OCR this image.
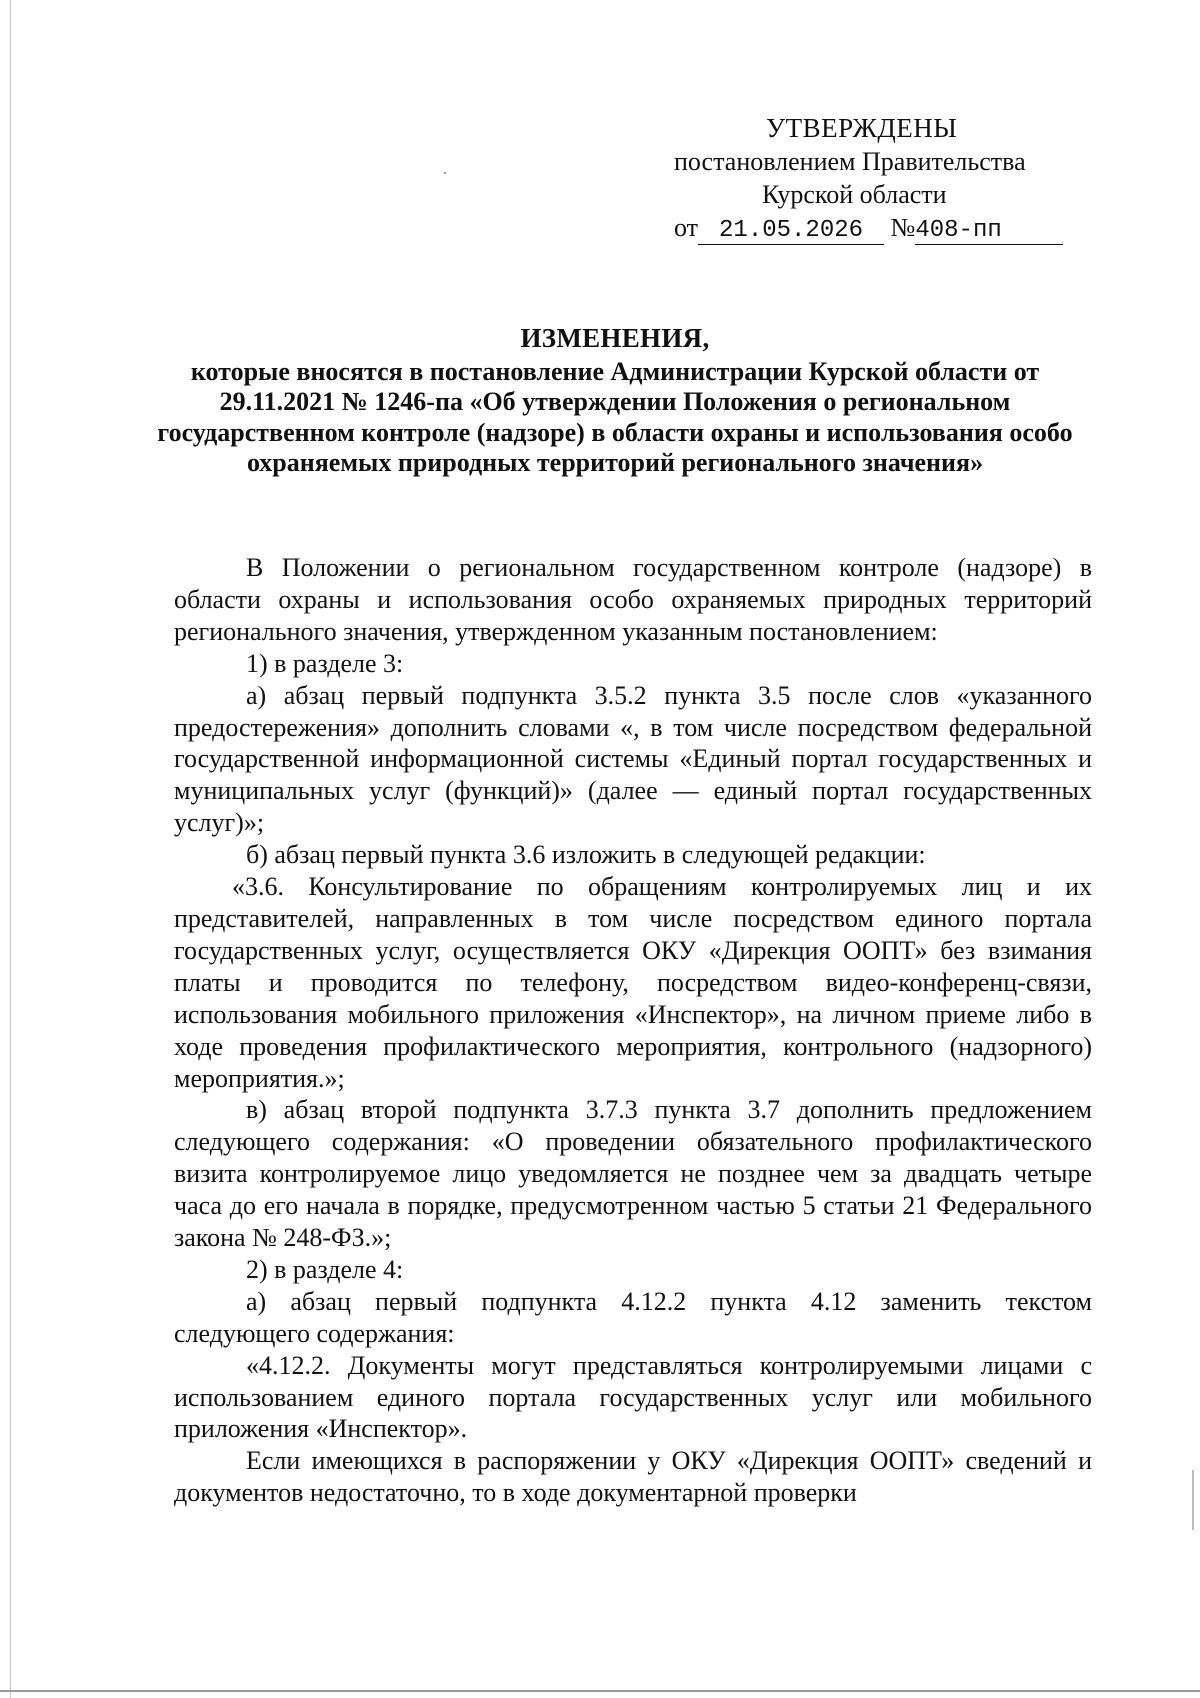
УТВЕРЖДЕНЫ
постановлением Правительства
Курской области
от 21.05.2026 №408-пп
ИЗМЕНЕНИЯ,
которые вносятся в постановление Администрации Курской области от 29.11.2021 № 1246-па «Об утверждении Положения о региональном государственном контроле (надзоре) в области охраны и использования особо охраняемых природных территорий регионального значения»

В Положении о региональном государственном контроле (надзоре) в области охраны и использования особо охраняемых природных территорий регионального значения, утвержденном указанным постановлением:

1) в разделе 3:

а) абзац первый подпункта 3.5.2 пункта 3.5 после слов «указанного предостережения» дополнить словами «, в том числе посредством федеральной государственной информационной системы «Единый портал государственных и муниципальных услуг (функций)» (далее — единый портал государственных услуг)»;

б) абзац первый пункта 3.6 изложить в следующей редакции:

«3.6. Консультирование по обращениям контролируемых лиц и их представителей, направленных в том числе посредством единого портала государственных услуг, осуществляется ОКУ «Дирекция ООПТ» без взимания платы и проводится по телефону, посредством видео-конференц-связи, использования мобильного приложения «Инспектор», на личном приеме либо в ходе проведения профилактического мероприятия, контрольного (надзорного) мероприятия.»;

в) абзац второй подпункта 3.7.3 пункта 3.7 дополнить предложением следующего содержания: «О проведении обязательного профилактического визита контролируемое лицо уведомляется не позднее чем за двадцать четыре часа до его начала в порядке, предусмотренном частью 5 статьи 21 Федерального закона № 248-ФЗ.»;

2) в разделе 4:

а) абзац первый подпункта 4.12.2 пункта 4.12 заменить текстом следующего содержания:

«4.12.2. Документы могут представляться контролируемыми лицами с использованием единого портала государственных услуг или мобильного приложения «Инспектор».

Если имеющихся в распоряжении у ОКУ «Дирекция ООПТ» сведений и документов недостаточно, то в ходе документарной проверки
